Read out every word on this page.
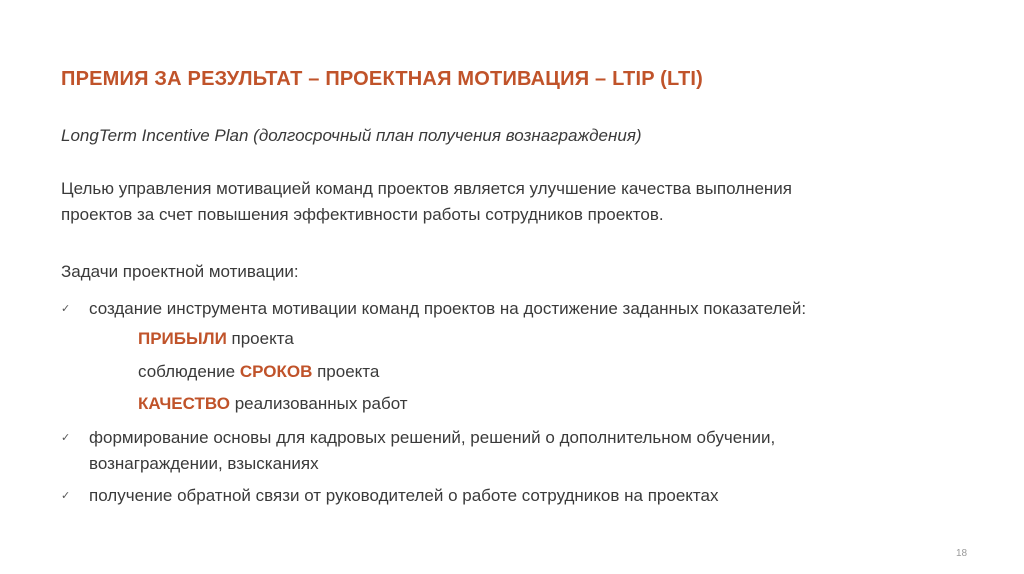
ПРЕМИЯ ЗА РЕЗУЛЬТАТ – ПРОЕКТНАЯ МОТИВАЦИЯ – LTIP (LTI)
LongTerm Incentive Plan (долгосрочный план получения вознаграждения)
Целью управления мотивацией команд проектов является улучшение качества выполнения
проектов за счет повышения эффективности работы сотрудников проектов.
Задачи проектной мотивации:
✓ создание инструмента мотивации команд проектов на достижение заданных показателей:
ПРИБЫЛИ проекта
соблюдение СРОКОВ проекта
КАЧЕСТВО реализованных работ
✓ формирование основы для кадровых решений, решений о дополнительном обучении,
вознаграждении, взысканиях
✓ получение обратной связи от руководителей о работе сотрудников на проектах
18
